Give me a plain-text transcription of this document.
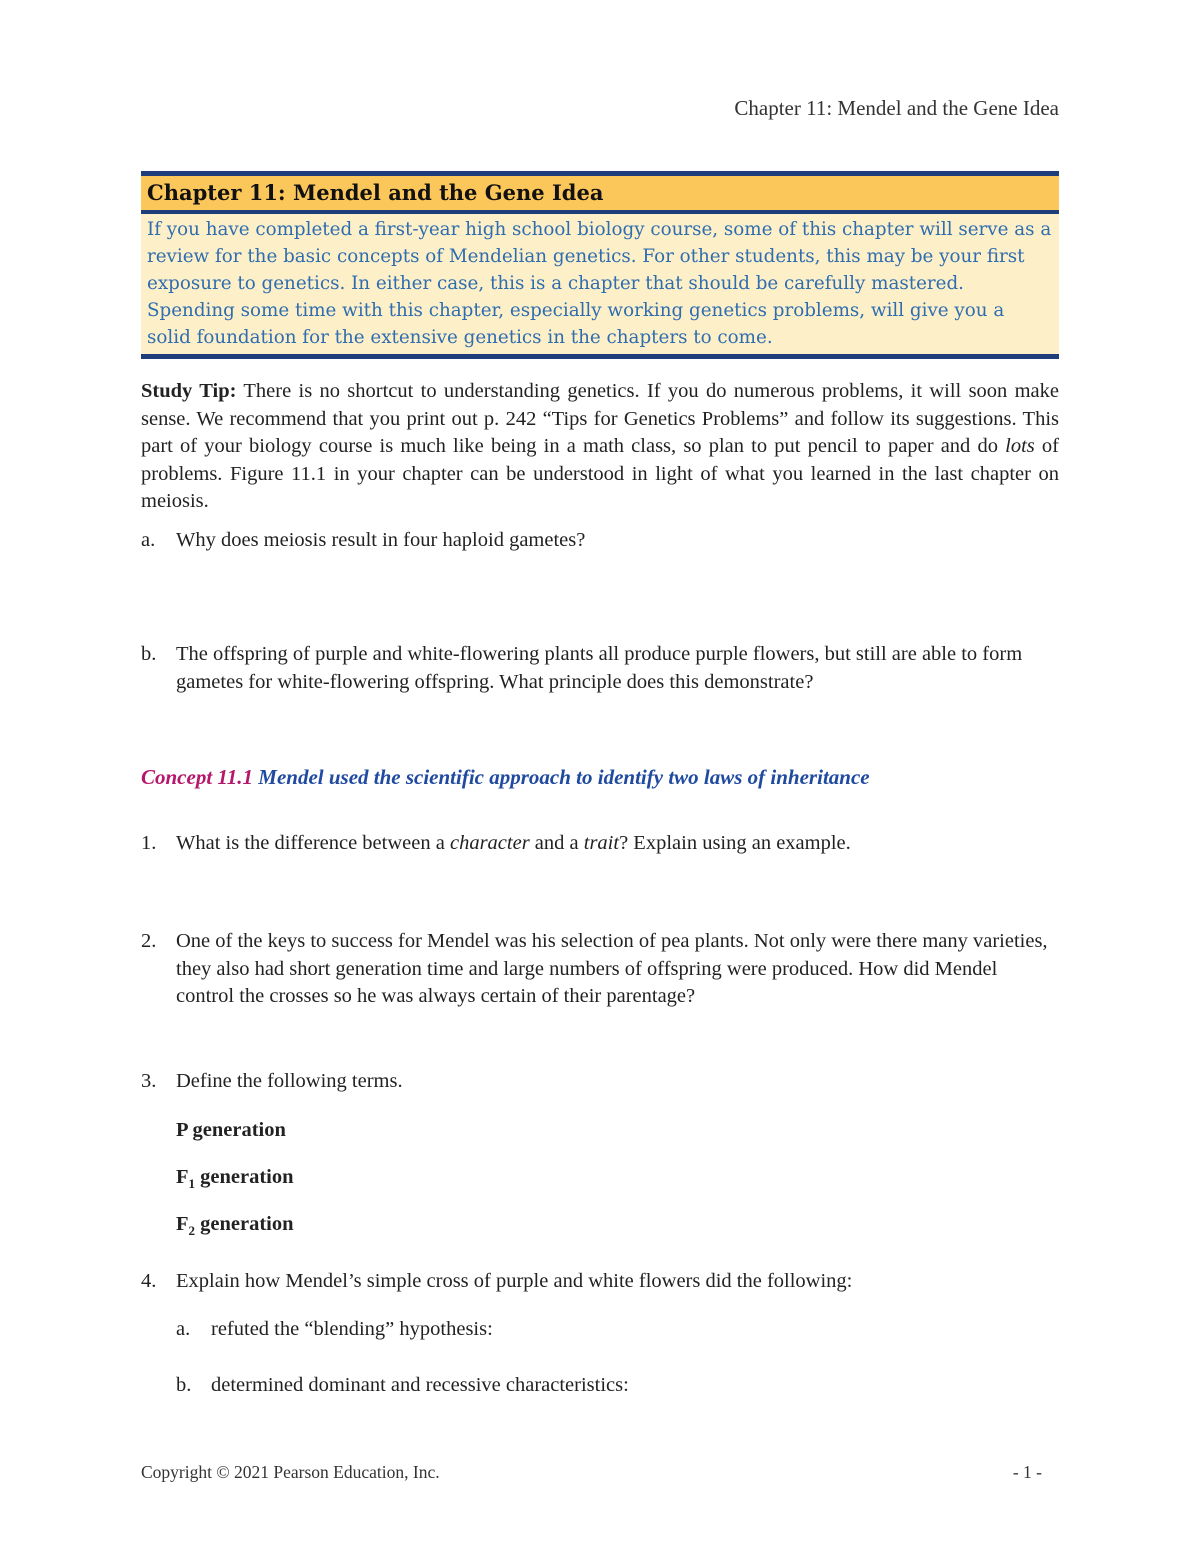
Chapter 11: Mendel and the Gene Idea
Chapter 11: Mendel and the Gene Idea
If you have completed a first-year high school biology course, some of this chapter will serve as a review for the basic concepts of Mendelian genetics. For other students, this may be your first exposure to genetics. In either case, this is a chapter that should be carefully mastered. Spending some time with this chapter, especially working genetics problems, will give you a solid foundation for the extensive genetics in the chapters to come.
Study Tip: There is no shortcut to understanding genetics. If you do numerous problems, it will soon make sense. We recommend that you print out p. 242 “Tips for Genetics Problems” and follow its suggestions. This part of your biology course is much like being in a math class, so plan to put pencil to paper and do lots of problems. Figure 11.1 in your chapter can be understood in light of what you learned in the last chapter on meiosis.
a. Why does meiosis result in four haploid gametes?
b. The offspring of purple and white-flowering plants all produce purple flowers, but still are able to form gametes for white-flowering offspring. What principle does this demonstrate?
Concept 11.1 Mendel used the scientific approach to identify two laws of inheritance
1. What is the difference between a character and a trait? Explain using an example.
2. One of the keys to success for Mendel was his selection of pea plants. Not only were there many varieties, they also had short generation time and large numbers of offspring were produced. How did Mendel control the crosses so he was always certain of their parentage?
3. Define the following terms.
P generation
$F_1$ generation
$F_2$ generation
4. Explain how Mendel’s simple cross of purple and white flowers did the following:
a. refuted the “blending” hypothesis:
b. determined dominant and recessive characteristics:
Copyright © 2021 Pearson Education, Inc.	- 1 -
